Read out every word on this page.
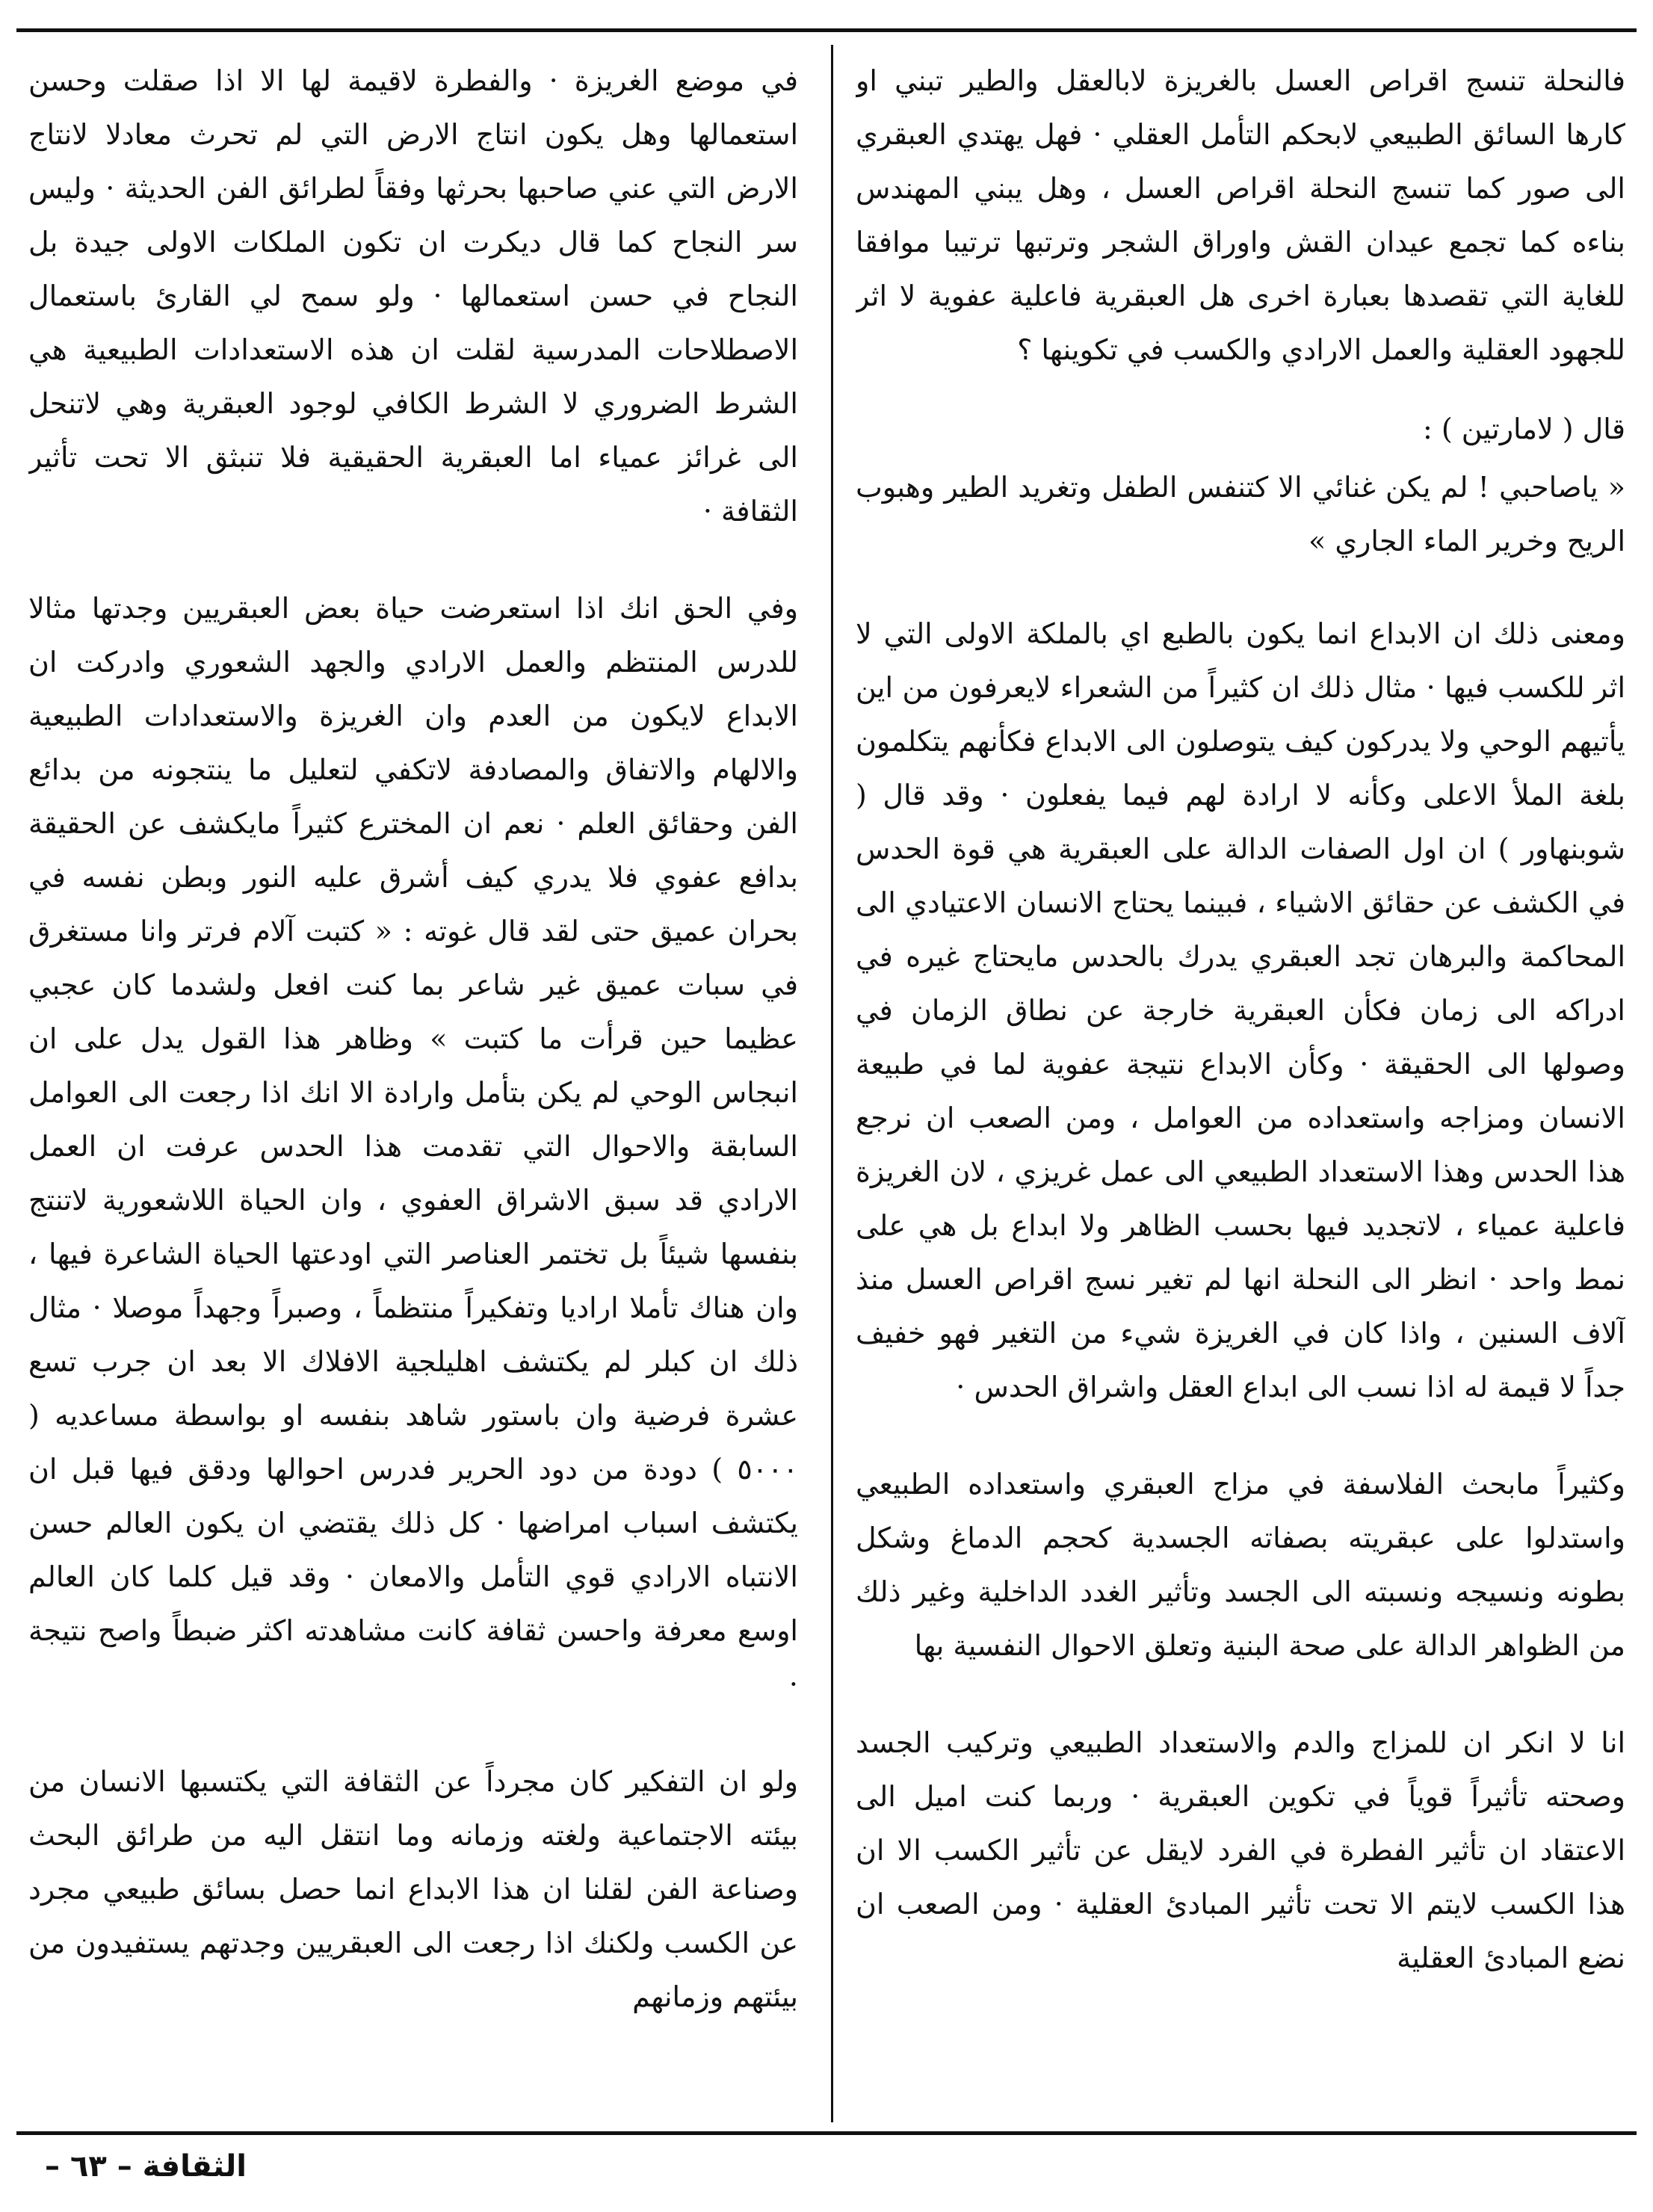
فالنحلة تنسج اقراص العسل بالغريزة لابالعقل والطير تبني او كارها السائق الطبيعي لابحكم التأمل العقلي · فهل يهتدي العبقري الى صور كما تنسج النحلة اقراص العسل ، وهل يبني المهندس بناءه كما تجمع عيدان القش واوراق الشجر وترتبها ترتيبا موافقا للغاية التي تقصدها بعبارة اخرى هل العبقرية فاعلية عفوية لا اثر للجهود العقلية والعمل الارادي والكسب في تكوينها ؟

قال ( لامارتين ) :

« ياصاحبي ! لم يكن غنائي الا كتنفس الطفل وتغريد الطير وهبوب الريح وخرير الماء الجاري »

ومعنى ذلك ان الابداع انما يكون بالطبع اي بالملكة الاولى التي لا اثر للكسب فيها · مثال ذلك ان كثيراً من الشعراء لايعرفون من اين يأتيهم الوحي ولا يدركون كيف يتوصلون الى الابداع فكأنهم يتكلمون بلغة الملأ الاعلى وكأنه لا ارادة لهم فيما يفعلون · وقد قال ( شوبنهاور ) ان اول الصفات الدالة على العبقرية هي قوة الحدس في الكشف عن حقائق الاشياء ، فبينما يحتاج الانسان الاعتيادي الى المحاكمة والبرهان تجد العبقري يدرك بالحدس مايحتاج غيره في ادراكه الى زمان فكأن العبقرية خارجة عن نطاق الزمان في وصولها الى الحقيقة · وكأن الابداع نتيجة عفوية لما في طبيعة الانسان ومزاجه واستعداده من العوامل ، ومن الصعب ان نرجع هذا الحدس وهذا الاستعداد الطبيعي الى عمل غريزي ، لان الغريزة فاعلية عمياء ، لاتجديد فيها بحسب الظاهر ولا ابداع بل هي على نمط واحد · انظر الى النحلة انها لم تغير نسج اقراص العسل منذ آلاف السنين ، واذا كان في الغريزة شيء من التغير فهو خفيف جداً لا قيمة له اذا نسب الى ابداع العقل واشراق الحدس ·

وكثيراً مابحث الفلاسفة في مزاج العبقري واستعداده الطبيعي واستدلوا على عبقريته بصفاته الجسدية كحجم الدماغ وشكل بطونه ونسيجه ونسبته الى الجسد وتأثير الغدد الداخلية وغير ذلك من الظواهر الدالة على صحة البنية وتعلق الاحوال النفسية بها

انا لا انكر ان للمزاج والدم والاستعداد الطبيعي وتركيب الجسد وصحته تأثيراً قوياً في تكوين العبقرية · وربما كنت اميل الى الاعتقاد ان تأثير الفطرة في الفرد لايقل عن تأثير الكسب الا ان هذا الكسب لايتم الا تحت تأثير المبادئ العقلية · ومن الصعب ان نضع المبادئ العقلية

في موضع الغريزة · والفطرة لاقيمة لها الا اذا صقلت وحسن استعمالها وهل يكون انتاج الارض التي لم تحرث معادلا لانتاج الارض التي عني صاحبها بحرثها وفقاً لطرائق الفن الحديثة · وليس سر النجاح كما قال ديكرت ان تكون الملكات الاولى جيدة بل النجاح في حسن استعمالها · ولو سمح لي القارئ باستعمال الاصطلاحات المدرسية لقلت ان هذه الاستعدادات الطبيعية هي الشرط الضروري لا الشرط الكافي لوجود العبقرية وهي لاتنحل الى غرائز عمياء اما العبقرية الحقيقية فلا تنبثق الا تحت تأثير الثقافة ·

وفي الحق انك اذا استعرضت حياة بعض العبقريين وجدتها مثالا للدرس المنتظم والعمل الارادي والجهد الشعوري وادركت ان الابداع لايكون من العدم وان الغريزة والاستعدادات الطبيعية والالهام والاتفاق والمصادفة لاتكفي لتعليل ما ينتجونه من بدائع الفن وحقائق العلم · نعم ان المخترع كثيراً مايكشف عن الحقيقة بدافع عفوي فلا يدري كيف أشرق عليه النور وبطن نفسه في بحران عميق حتى لقد قال غوته : « كتبت آلام فرتر وانا مستغرق في سبات عميق غير شاعر بما كنت افعل ولشدما كان عجبي عظيما حين قرأت ما كتبت » وظاهر هذا القول يدل على ان انبجاس الوحي لم يكن بتأمل وارادة الا انك اذا رجعت الى العوامل السابقة والاحوال التي تقدمت هذا الحدس عرفت ان العمل الارادي قد سبق الاشراق العفوي ، وان الحياة اللاشعورية لاتنتج بنفسها شيئاً بل تختمر العناصر التي اودعتها الحياة الشاعرة فيها ، وان هناك تأملا اراديا وتفكيراً منتظماً ، وصبراً وجهداً موصلا · مثال ذلك ان كبلر لم يكتشف اهليلجية الافلاك الا بعد ان جرب تسع عشرة فرضية وان باستور شاهد بنفسه او بواسطة مساعديه ( ٥٠٠٠ ) دودة من دود الحرير فدرس احوالها ودقق فيها قبل ان يكتشف اسباب امراضها · كل ذلك يقتضي ان يكون العالم حسن الانتباه الارادي قوي التأمل والامعان · وقد قيل كلما كان العالم اوسع معرفة واحسن ثقافة كانت مشاهدته اكثر ضبطاً واصح نتيجة ·

ولو ان التفكير كان مجرداً عن الثقافة التي يكتسبها الانسان من بيئته الاجتماعية ولغته وزمانه وما انتقل اليه من طرائق البحث وصناعة الفن لقلنا ان هذا الابداع انما حصل بسائق طبيعي مجرد عن الكسب ولكنك اذا رجعت الى العبقريين وجدتهم يستفيدون من بيئتهم وزمانهم

الثقافة – ٦٣ –
